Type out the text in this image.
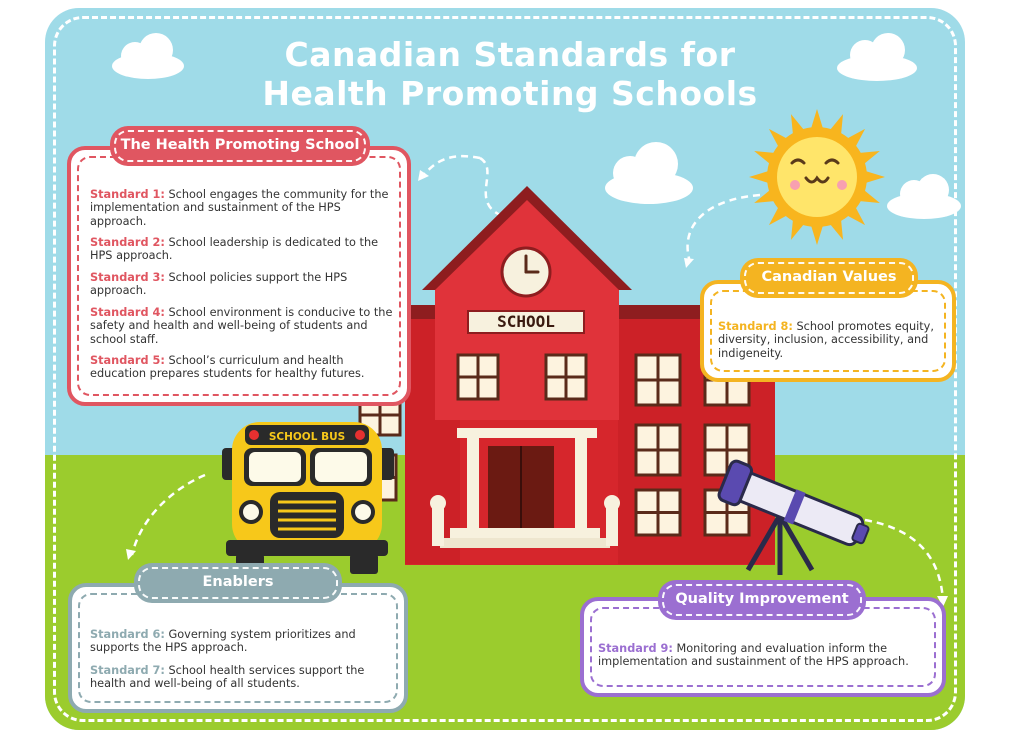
SCHOOL
SCHOOL BUS
Canadian Standards for
Health Promoting Schools
The Health Promoting School
Standard 1: School engages the community for the implementation and sustainment of the HPS approach.
Standard 2: School leadership is dedicated to the HPS approach.
Standard 3: School policies support the HPS approach.
Standard 4: School environment is conducive to the safety and health and well-being of students and school staff.
Standard 5: School’s curriculum and health education prepares students for healthy futures.
Canadian Values
Standard 8: School promotes equity, diversity, inclusion, accessibility, and indigeneity.
Enablers
Standard 6: Governing system prioritizes and supports the HPS approach.
Standard 7: School health services support the health and well-being of all students.
Quality Improvement
Standard 9: Monitoring and evaluation inform the implementation and sustainment of the HPS approach.
